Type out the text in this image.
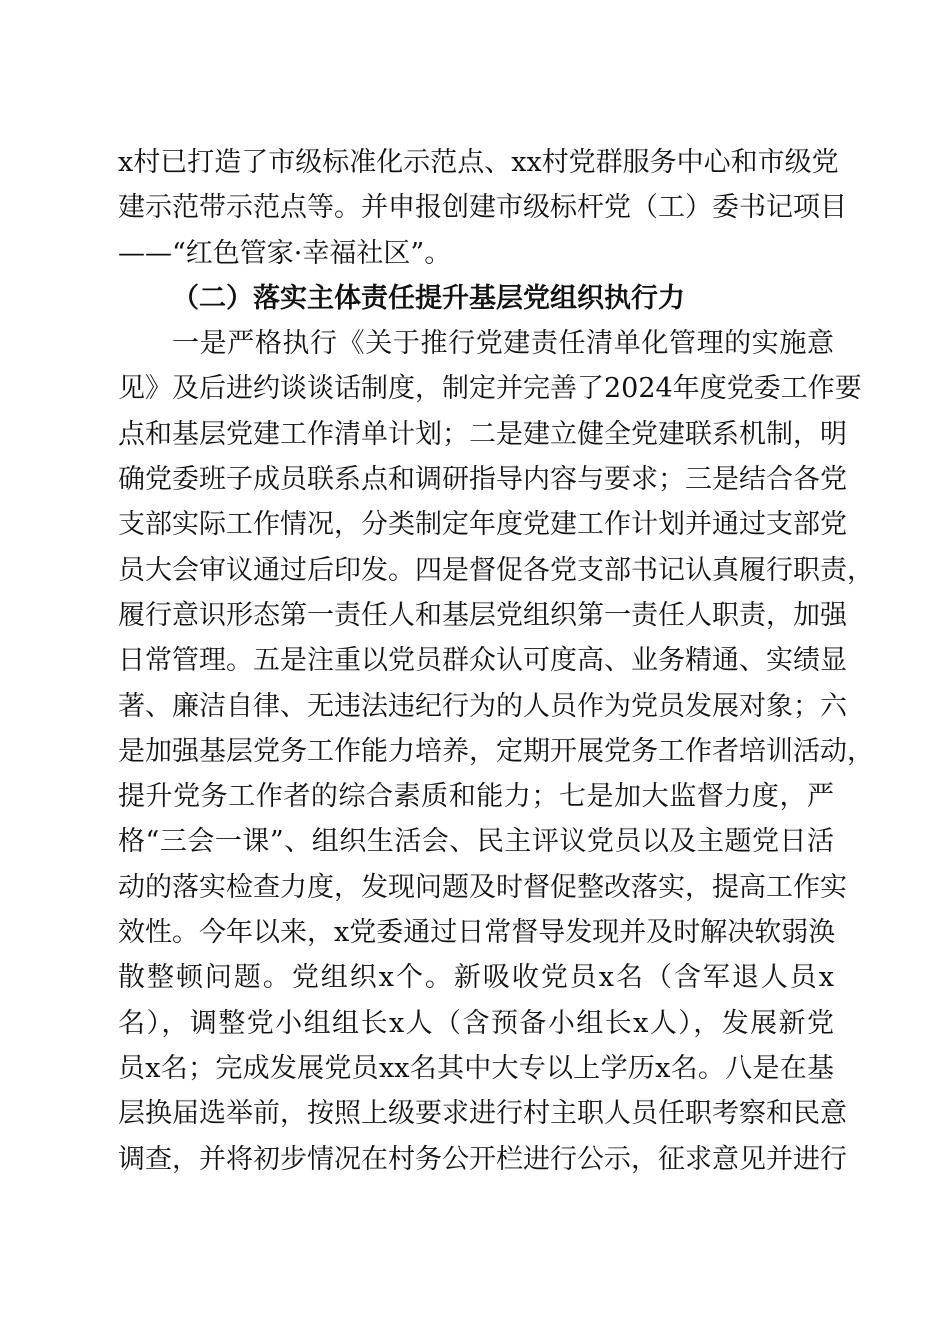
x村已打造了市级标准化示范点、xx村党群服务中心和市级党
建示范带示范点等。并申报创建市级标杆党（工）委书记项目
——“红色管家·幸福社区”。
（二）落实主体责任提升基层党组织执行力
一是严格执行《关于推行党建责任清单化管理的实施意
见》及后进约谈谈话制度，制定并完善了2024年度党委工作要
点和基层党建工作清单计划；二是建立健全党建联系机制，明
确党委班子成员联系点和调研指导内容与要求；三是结合各党
支部实际工作情况，分类制定年度党建工作计划并通过支部党
员大会审议通过后印发。四是督促各党支部书记认真履行职责，
履行意识形态第一责任人和基层党组织第一责任人职责，加强
日常管理。五是注重以党员群众认可度高、业务精通、实绩显
著、廉洁自律、无违法违纪行为的人员作为党员发展对象；六
是加强基层党务工作能力培养，定期开展党务工作者培训活动，
提升党务工作者的综合素质和能力；七是加大监督力度，严
格“三会一课”、组织生活会、民主评议党员以及主题党日活
动的落实检查力度，发现问题及时督促整改落实，提高工作实
效性。今年以来，x党委通过日常督导发现并及时解决软弱涣
散整顿问题。党组织x个。新吸收党员x名（含军退人员x
名），调整党小组组长x人（含预备小组长x人），发展新党
员x名；完成发展党员xx名其中大专以上学历x名。八是在基
层换届选举前，按照上级要求进行村主职人员任职考察和民意
调查，并将初步情况在村务公开栏进行公示，征求意见并进行
